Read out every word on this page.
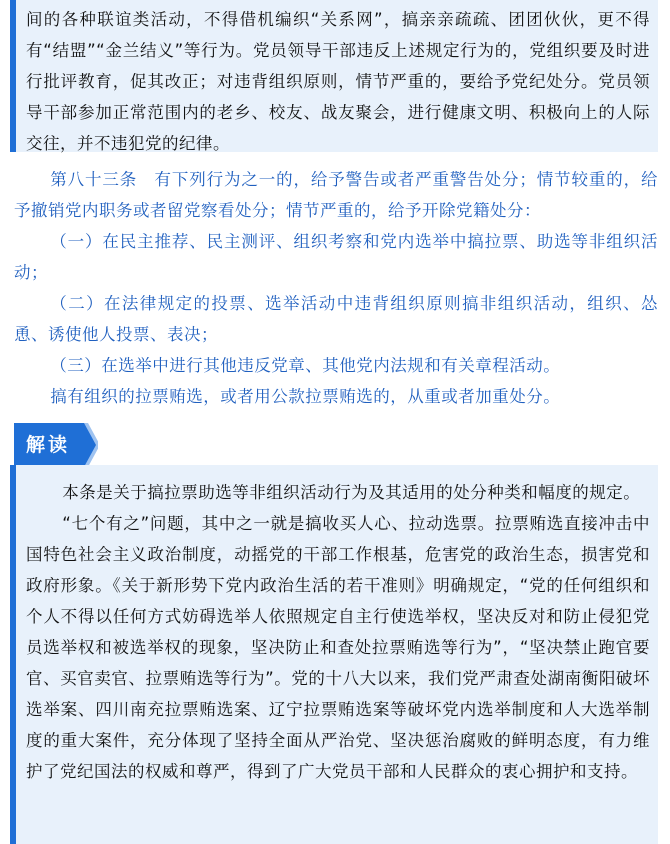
间的各种联谊类活动，不得借机编织“关系网”，搞亲亲疏疏、团团伙伙，更不得有“结盟”“金兰结义”等行为。党员领导干部违反上述规定行为的，党组织要及时进行批评教育，促其改正；对违背组织原则，情节严重的，要给予党纪处分。党员领导干部参加正常范围内的老乡、校友、战友聚会，进行健康文明、积极向上的人际交往，并不违犯党的纪律。

第八十三条　有下列行为之一的，给予警告或者严重警告处分；情节较重的，给予撤销党内职务或者留党察看处分；情节严重的，给予开除党籍处分：

（一）在民主推荐、民主测评、组织考察和党内选举中搞拉票、助选等非组织活动；

（二）在法律规定的投票、选举活动中违背组织原则搞非组织活动，组织、怂恿、诱使他人投票、表决；

（三）在选举中进行其他违反党章、其他党内法规和有关章程活动。

搞有组织的拉票贿选，或者用公款拉票贿选的，从重或者加重处分。

解读

本条是关于搞拉票助选等非组织活动行为及其适用的处分种类和幅度的规定。

“七个有之”问题，其中之一就是搞收买人心、拉动选票。拉票贿选直接冲击中国特色社会主义政治制度，动摇党的干部工作根基，危害党的政治生态，损害党和政府形象。《关于新形势下党内政治生活的若干准则》明确规定，“党的任何组织和个人不得以任何方式妨碍选举人依照规定自主行使选举权，坚决反对和防止侵犯党员选举权和被选举权的现象，坚决防止和查处拉票贿选等行为”，“坚决禁止跑官要官、买官卖官、拉票贿选等行为”。党的十八大以来，我们党严肃查处湖南衡阳破坏选举案、四川南充拉票贿选案、辽宁拉票贿选案等破坏党内选举制度和人大选举制度的重大案件，充分体现了坚持全面从严治党、坚决惩治腐败的鲜明态度，有力维护了党纪国法的权威和尊严，得到了广大党员干部和人民群众的衷心拥护和支持。
